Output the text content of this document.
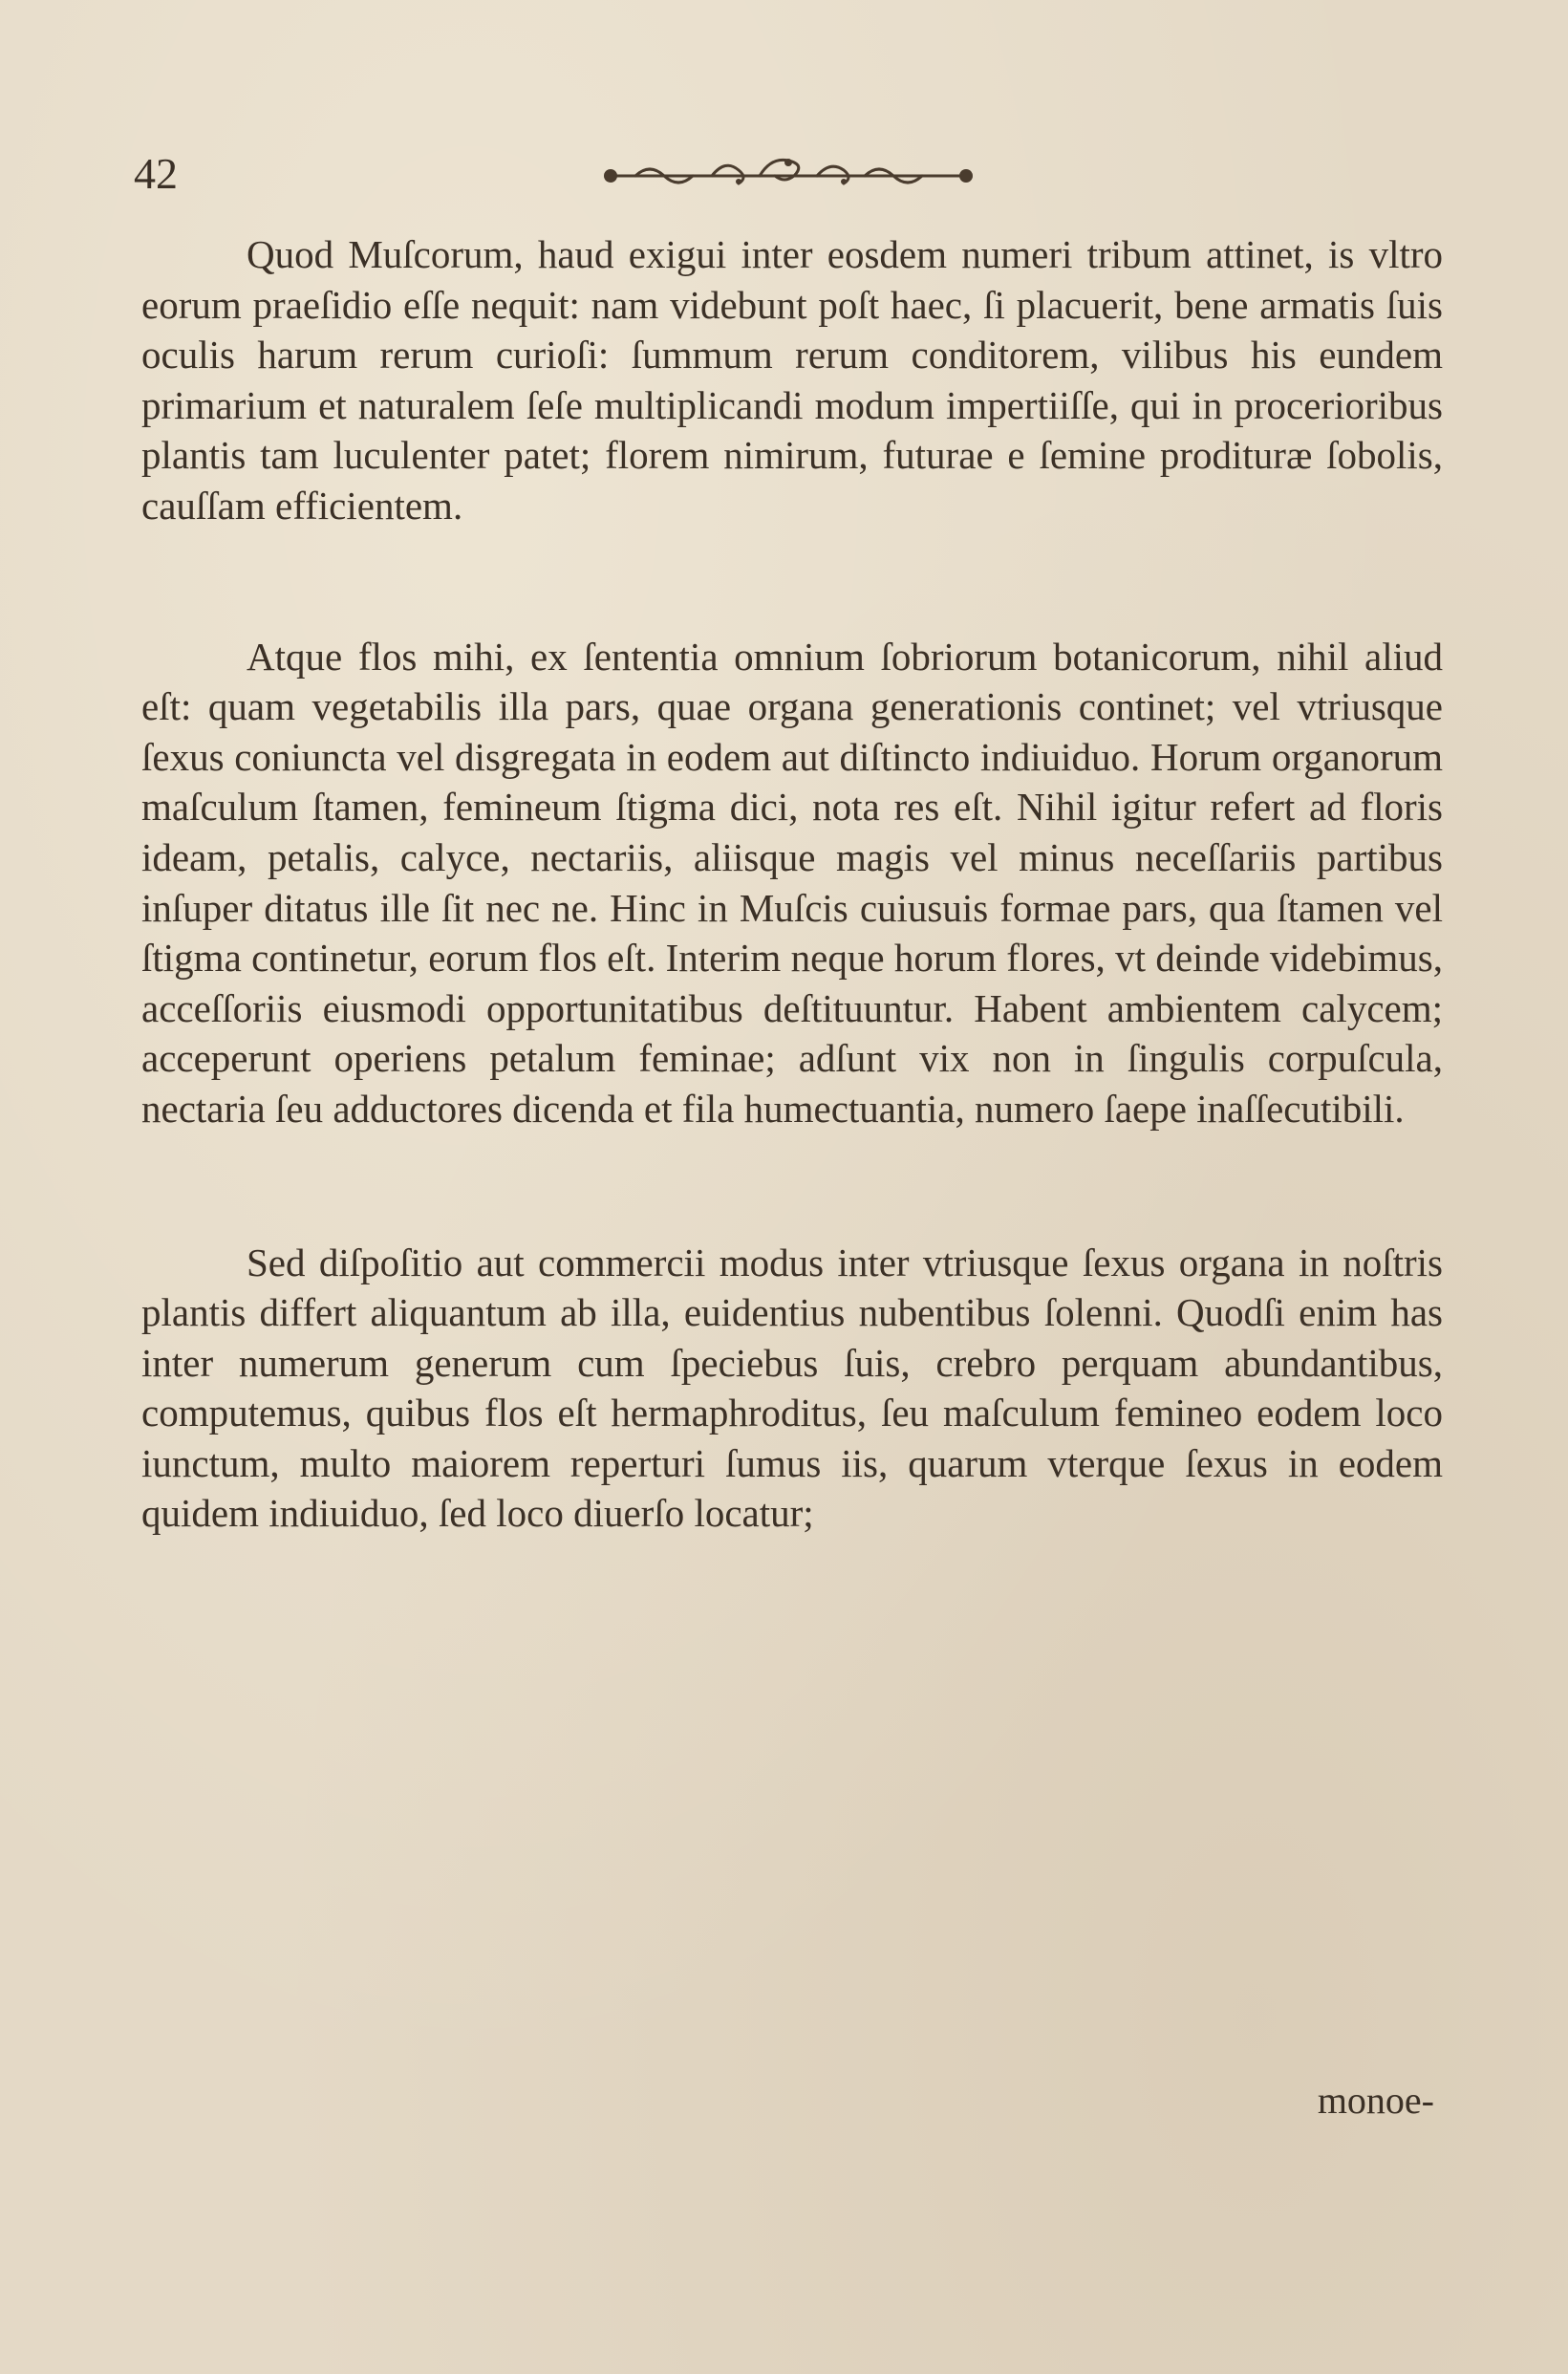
42

Quod Muſcorum, haud exigui inter eosdem numeri tribum attinet, is vltro eorum praeſidio eſſe nequit: nam videbunt poſt haec, ſi placuerit, bene armatis ſuis oculis harum rerum curioſi: ſummum rerum conditorem, vilibus his eundem primarium et naturalem ſeſe multiplicandi modum impertiiſſe, qui in procerioribus plantis tam luculenter patet; florem nimirum, futurae e ſemine prodituræ ſobolis, cauſſam efficientem.

Atque flos mihi, ex ſententia omnium ſobriorum botanicorum, nihil aliud eſt: quam vegetabilis illa pars, quae organa generationis continet; vel vtriusque ſexus coniuncta vel disgregata in eodem aut diſtincto indiuiduo. Horum organorum maſculum ſtamen, femineum ſtigma dici, nota res eſt. Nihil igitur refert ad floris ideam, petalis, calyce, nectariis, aliisque magis vel minus neceſſariis partibus inſuper ditatus ille ſit nec ne. Hinc in Muſcis cuiusuis formae pars, qua ſtamen vel ſtigma continetur, eorum flos eſt. Interim neque horum flores, vt deinde videbimus, acceſſoriis eiusmodi opportunitatibus deſtituuntur. Habent ambientem calycem; acceperunt operiens petalum feminae; adſunt vix non in ſingulis corpuſcula, nectaria ſeu adductores dicenda et fila humectuantia, numero ſaepe inaſſecutibili.

Sed diſpoſitio aut commercii modus inter vtriusque ſexus organa in noſtris plantis differt aliquantum ab illa, euidentius nubentibus ſolenni. Quodſi enim has inter numerum generum cum ſpeciebus ſuis, crebro perquam abundantibus, computemus, quibus flos eſt hermaphroditus, ſeu maſculum femineo eodem loco iunctum, multo maiorem reperturi ſumus iis, quarum vterque ſexus in eodem quidem indiuiduo, ſed loco diuerſo locatur;

monoe-
